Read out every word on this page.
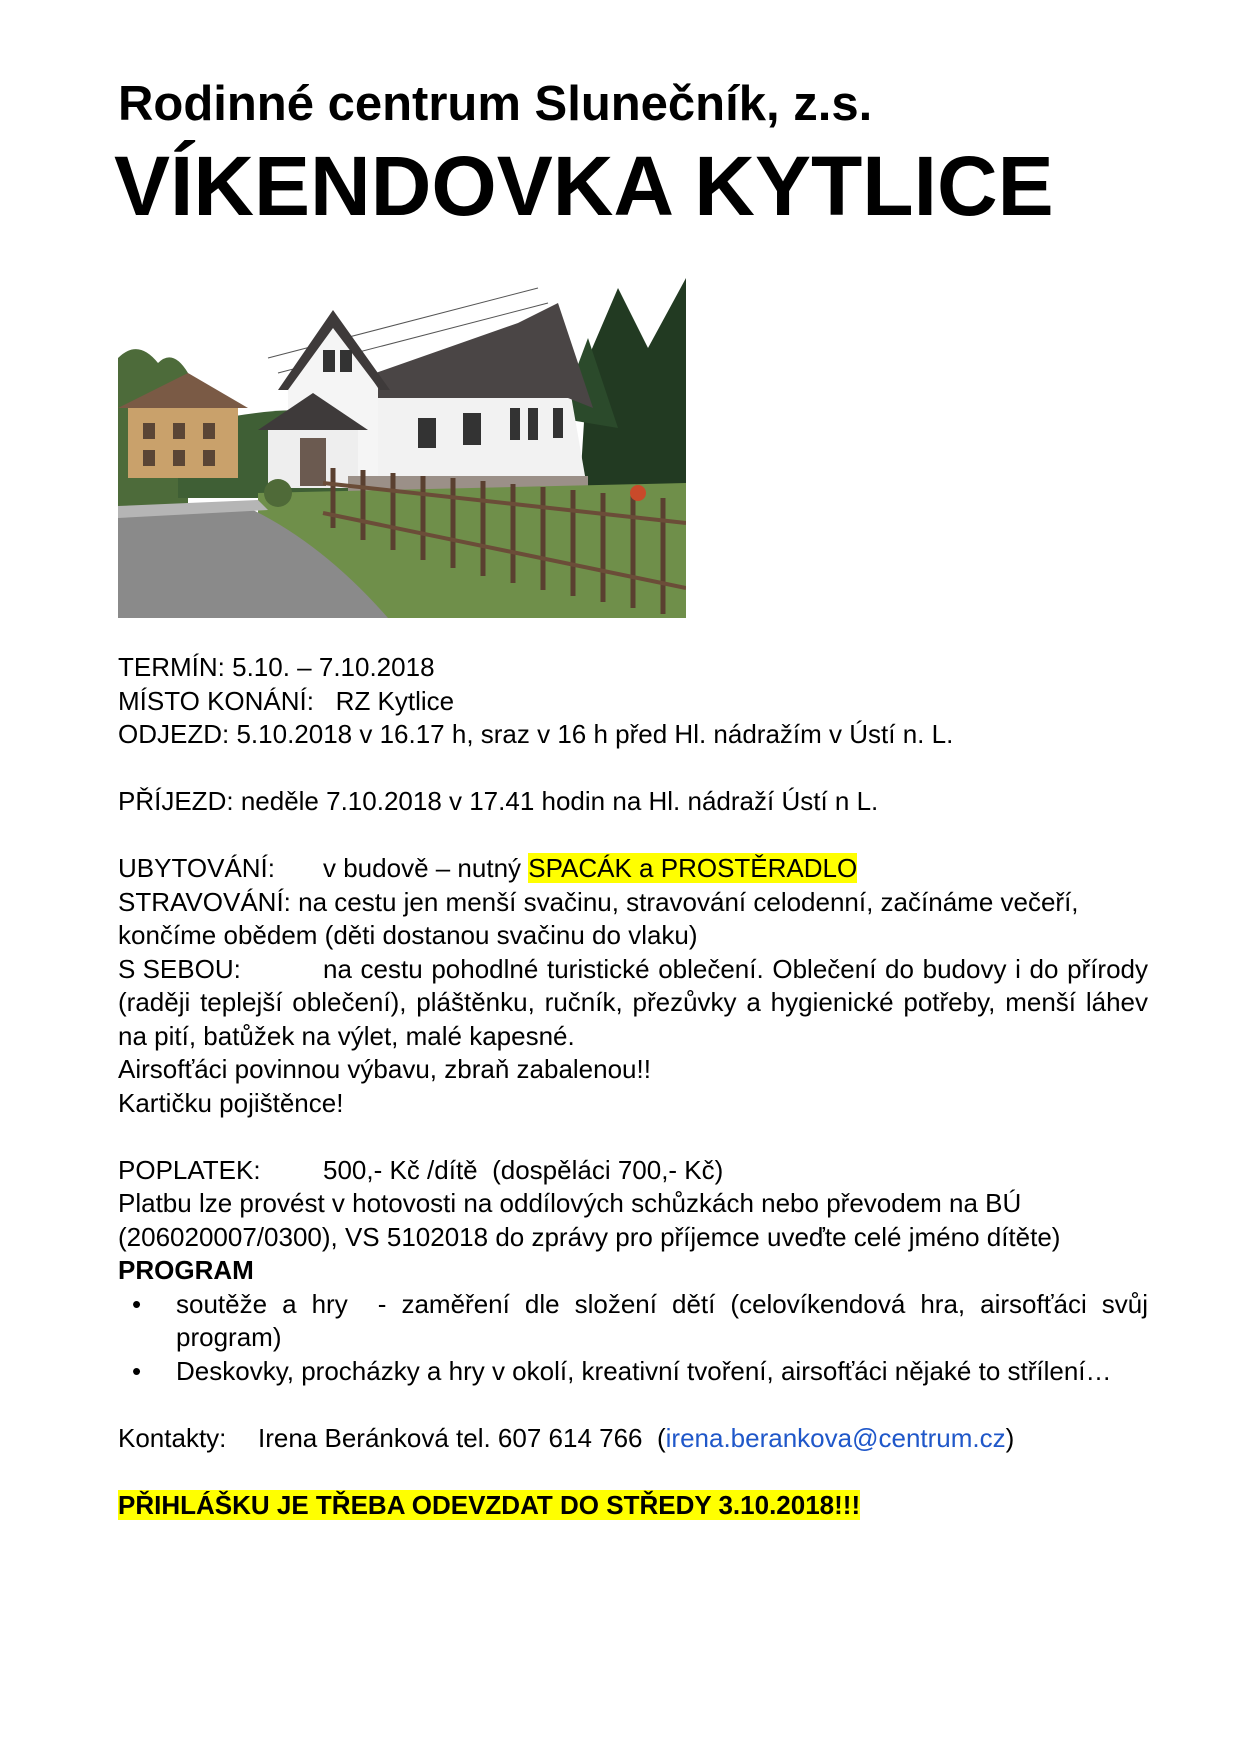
Rodinné centrum Slunečník, z.s.
VÍKENDOVKA KYTLICE

TERMÍN: 5.10. – 7.10.2018

MÍSTO KONÁNÍ: RZ Kytlice

ODJEZD: 5.10.2018 v 16.17 h, sraz v 16 h před Hl. nádražím v Ústí n. L.

PŘÍJEZD: neděle 7.10.2018 v 17.41 hodin na Hl. nádraží Ústí n L.

UBYTOVÁNÍ: v budově – nutný SPACÁK a PROSTĚRADLO

STRAVOVÁNÍ: na cestu jen menší svačinu, stravování celodenní, začínáme večeří, končíme obědem (děti dostanou svačinu do vlaku)

S SEBOU:	na cestu pohodlné turistické oblečení. Oblečení do budovy i do přírody (raději teplejší oblečení), pláštěnku, ručník, přezůvky a hygienické potřeby, menší láhev na pití, batůžek na výlet, malé kapesné.

Airsofťáci povinnou výbavu, zbraň zabalenou!!

Kartičku pojištěnce!

POPLATEK: 500,- Kč /dítě  (dospěláci 700,- Kč)

Platbu lze provést v hotovosti na oddílových schůzkách nebo převodem na BÚ (206020007/0300), VS 5102018 do zprávy pro příjemce uveďte celé jméno dítěte)

PROGRAM

• soutěže a hry  - zaměření dle složení dětí (celovíkendová hra, airsofťáci svůj program)
• Deskovky, procházky a hry v okolí, kreativní tvoření, airsofťáci nějaké to střílení…

Kontakty: Irena Beránková tel. 607 614 766 (irena.berankova@centrum.cz)

PŘIHLÁŠKU JE TŘEBA ODEVZDAT DO STŘEDY 3.10.2018!!!
